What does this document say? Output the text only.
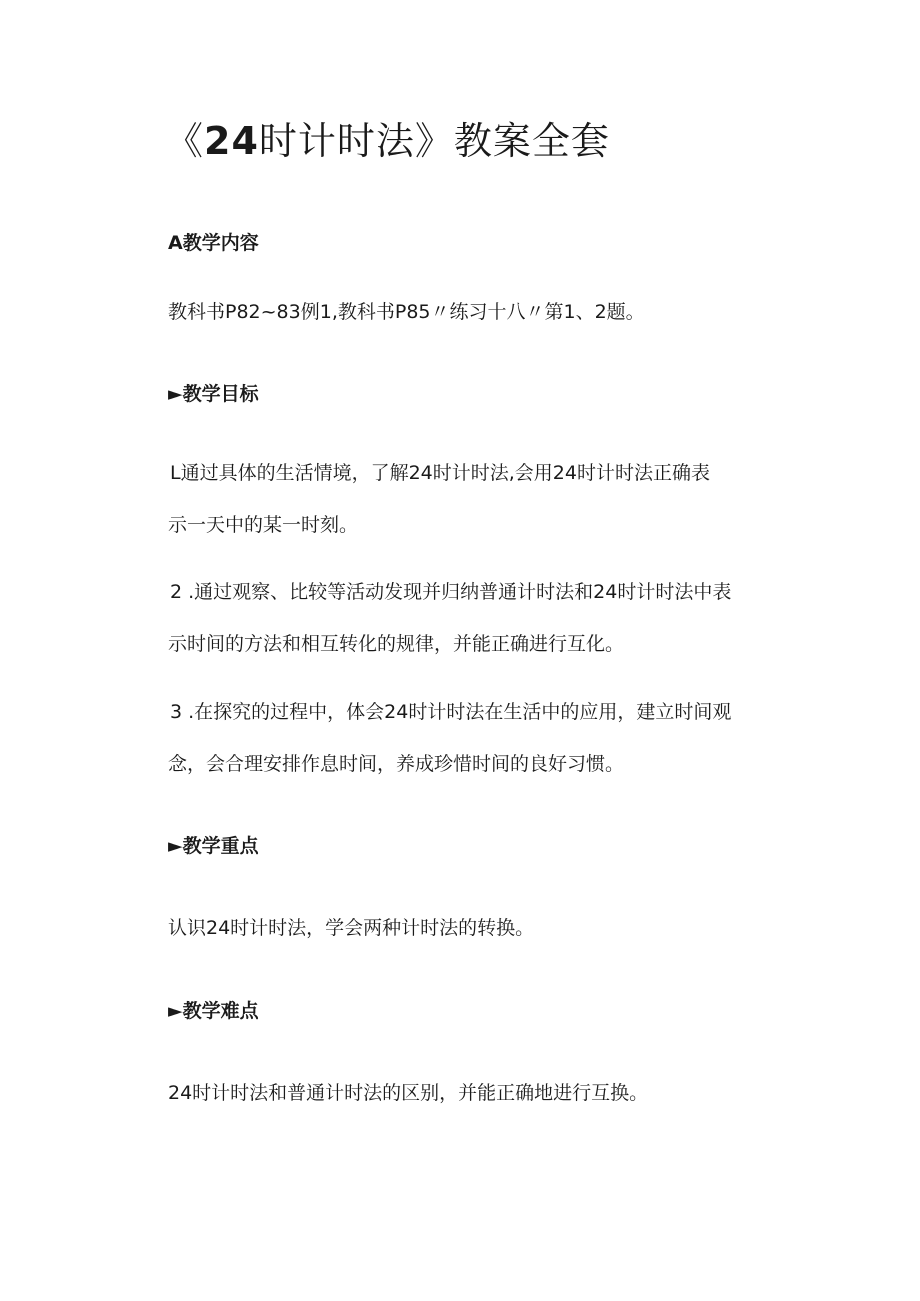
《24时计时法》教案全套

A教学内容

教科书P82~83例1,教科书P85〃练习十八〃第1、2题。

►教学目标

L通过具体的生活情境，了解24时计时法,会用24时计时法正确表
示一天中的某一时刻。
2 .通过观察、比较等活动发现并归纳普通计时法和24时计时法中表
示时间的方法和相互转化的规律，并能正确进行互化。
3 .在探究的过程中，体会24时计时法在生活中的应用，建立时间观
念，会合理安排作息时间，养成珍惜时间的良好习惯。

►教学重点

认识24时计时法，学会两种计时法的转换。

►教学难点

24时计时法和普通计时法的区别，并能正确地进行互换。
